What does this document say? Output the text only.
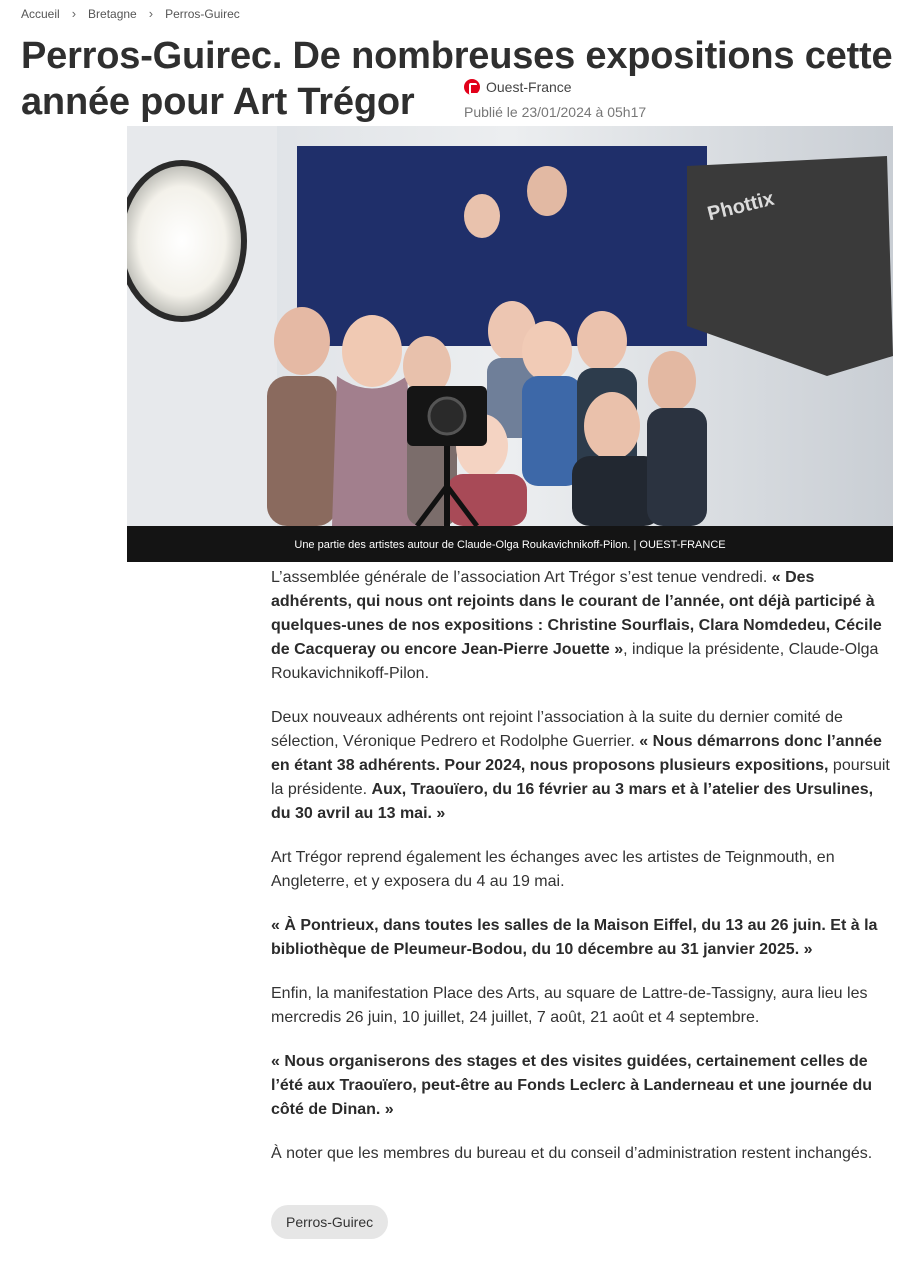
Accueil › Bretagne › Perros-Guirec
Perros-Guirec. De nombreuses expositions cette
année pour Art Trégor	Ouest-France
Publié le 23/01/2024 à 05h17
Phottix
Une partie des artistes autour de Claude-Olga Roukavichnikoff-Pilon. | OUEST-FRANCE

L’assemblée générale de l’association Art Trégor s’est tenue vendredi. « Des adhérents, qui nous ont rejoints dans le courant de l’année, ont déjà participé à quelques-unes de nos expositions : Christine Sourflais, Clara Nomdedeu, Cécile de Cacqueray ou encore Jean-Pierre Jouette », indique la présidente, Claude-Olga Roukavichnikoff-Pilon.

Deux nouveaux adhérents ont rejoint l’association à la suite du dernier comité de sélection, Véronique Pedrero et Rodolphe Guerrier. « Nous démarrons donc l’année en étant 38 adhérents. Pour 2024, nous proposons plusieurs expositions, poursuit la présidente. Aux, Traouïero, du 16 février au 3 mars et à l’atelier des Ursulines, du 30 avril au 13 mai. »

Art Trégor reprend également les échanges avec les artistes de Teignmouth, en Angleterre, et y exposera du 4 au 19 mai.

« À Pontrieux, dans toutes les salles de la Maison Eiffel, du 13 au 26 juin. Et à la bibliothèque de Pleumeur-Bodou, du 10 décembre au 31 janvier 2025. »

Enfin, la manifestation Place des Arts, au square de Lattre-de-Tassigny, aura lieu les mercredis 26 juin, 10 juillet, 24 juillet, 7 août, 21 août et 4 septembre.

« Nous organiserons des stages et des visites guidées, certainement celles de l’été aux Traouïero, peut-être au Fonds Leclerc à Landerneau et une journée du côté de Dinan. »

À noter que les membres du bureau et du conseil d’administration restent inchangés.

Perros-Guirec
